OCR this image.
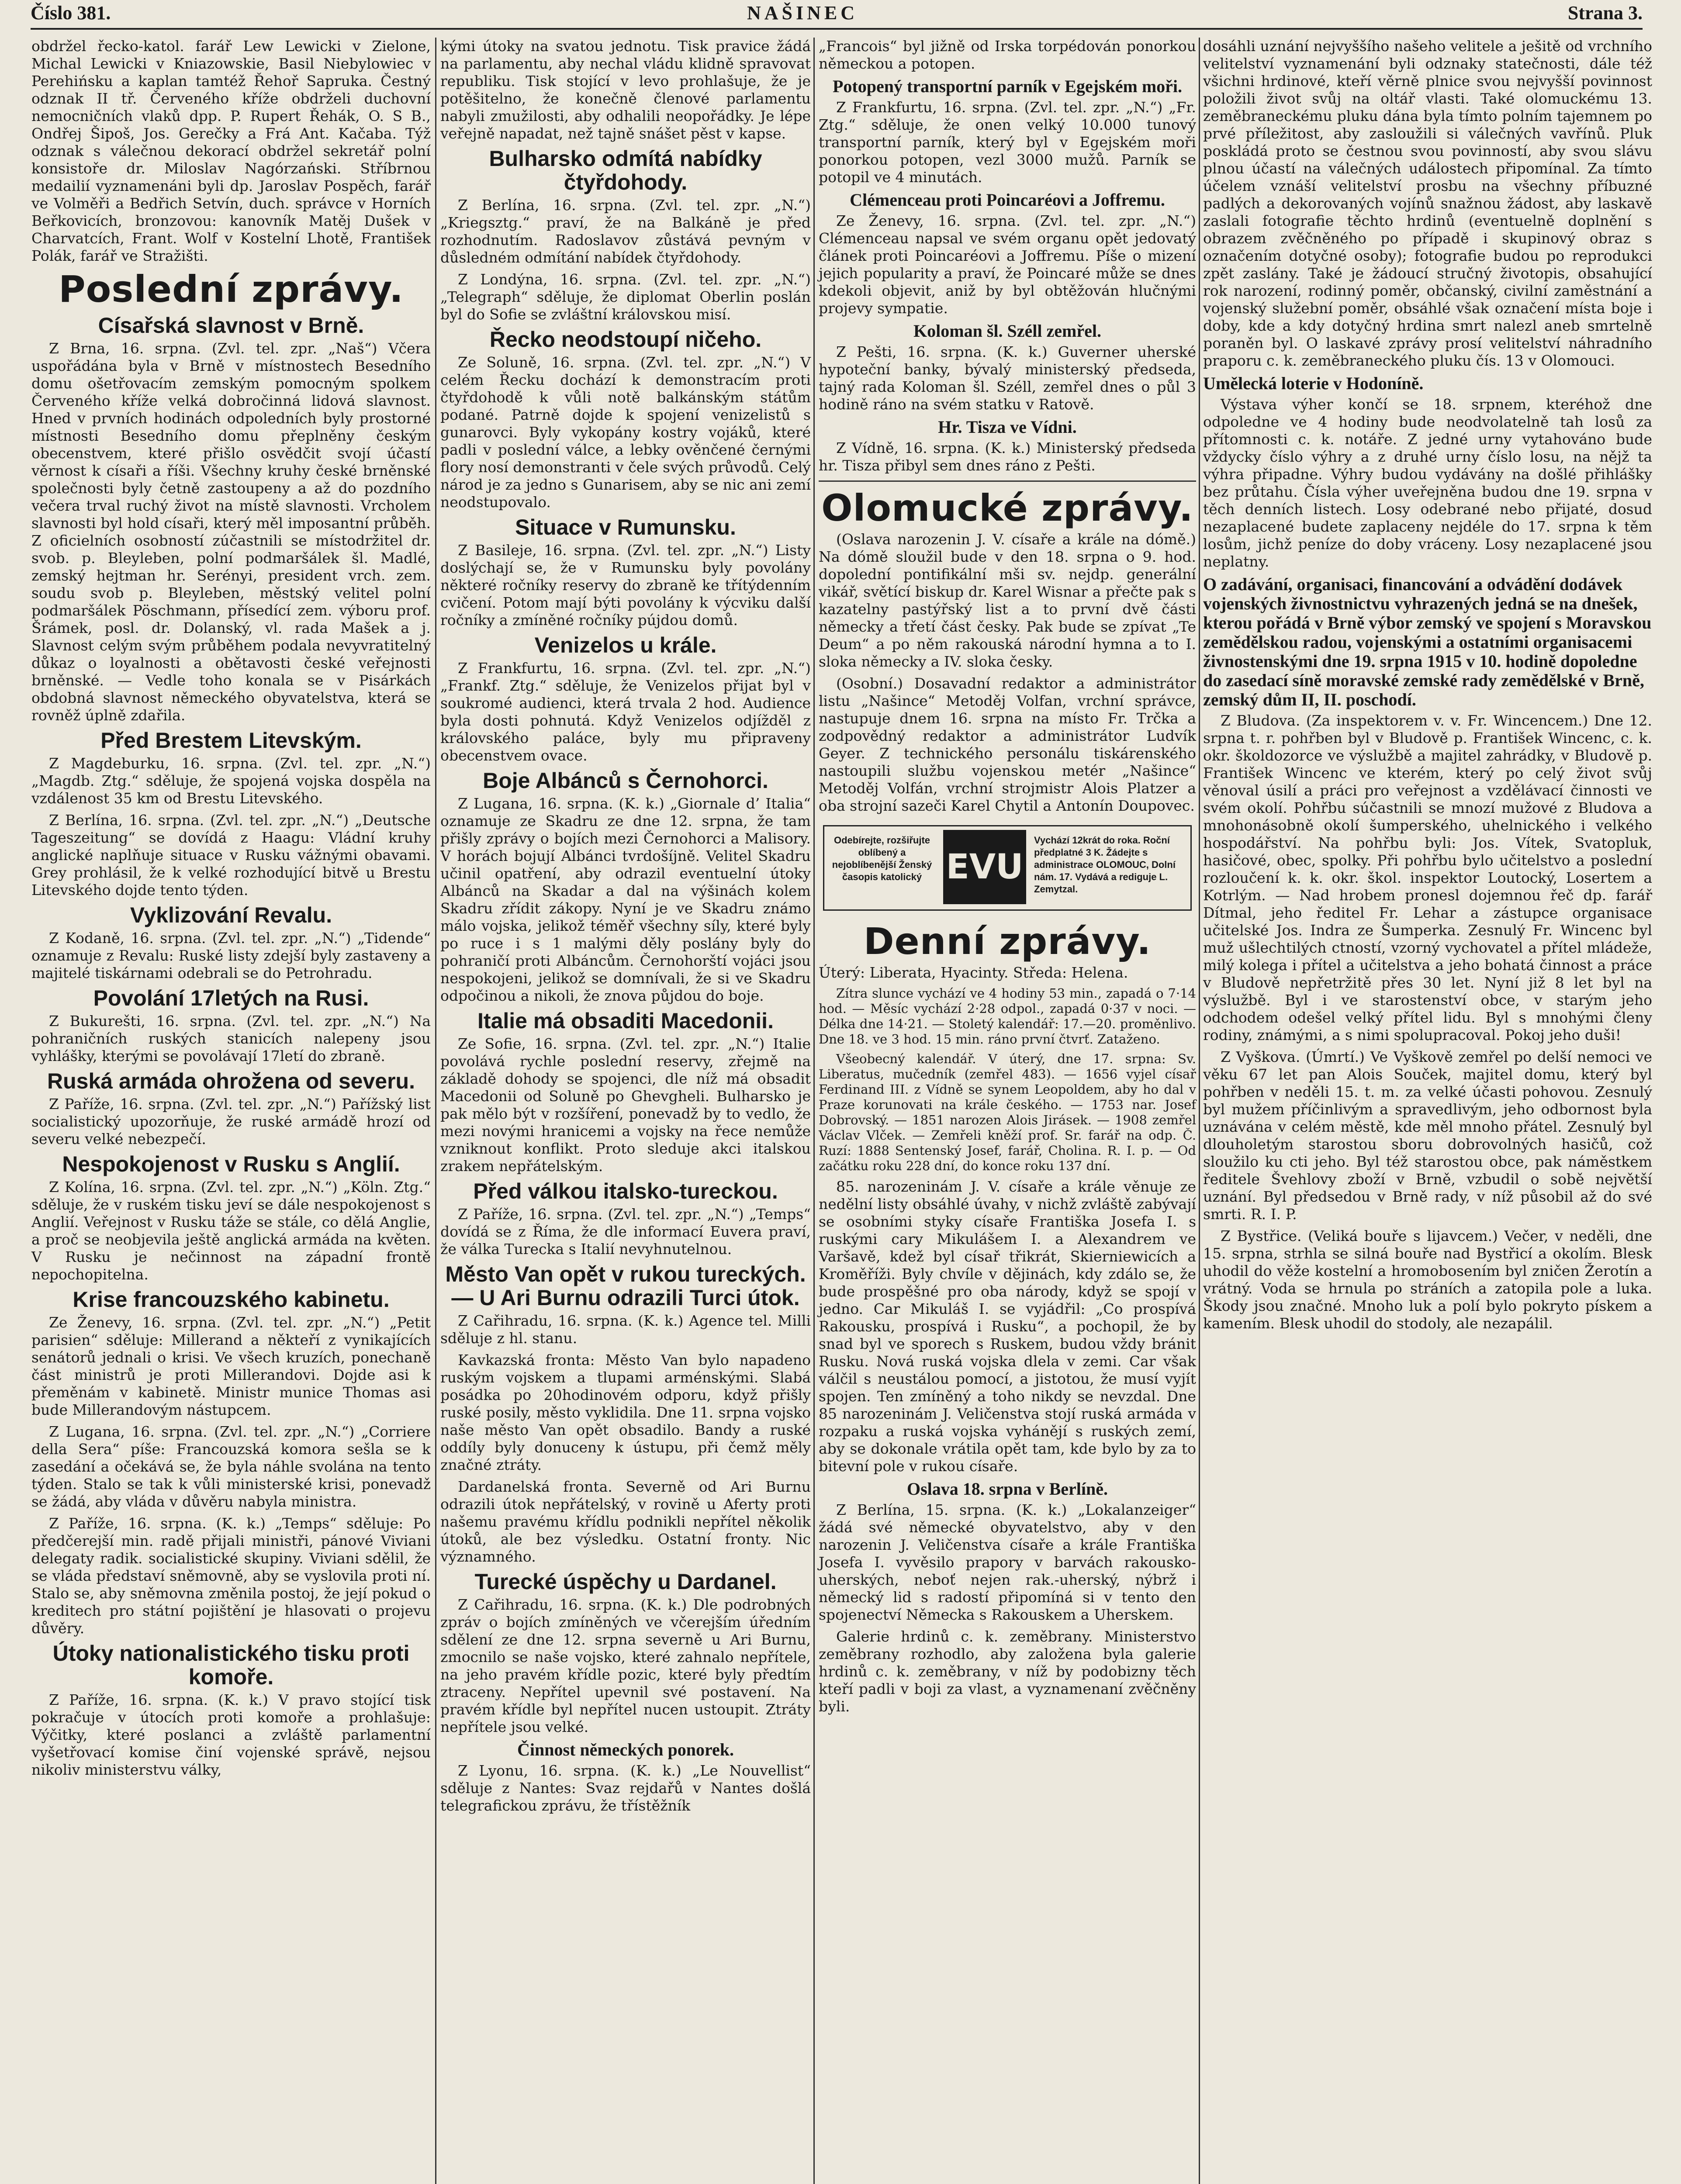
Číslo 381.	NAŠINEC	Strana 3.

obdržel řecko-katol. farář Lew Lewicki v Zielone, Michal Lewicki v Kniazowskie, Basil Niebylowiec v Perehińsku a kaplan tamtéž Řehoř Sapruka. Čestný odznak II tř. Červeného kříže obdrželi duchovní nemocničních vlaků dpp. P. Rupert Řehák, O. S B., Ondřej Šipoš, Jos. Gerečky a Frá Ant. Kačaba. Týž odznak s válečnou dekorací obdržel sekretář polní konsistoře dr. Miloslav Nagórzański. Stříbrnou medailií vyznamenáni byli dp. Jaroslav Pospěch, farář ve Volměři a Bedřich Setvín, duch. správce v Horních Beřkovicích, bronzovou: kanovník Matěj Dušek v Charvatcích, Frant. Wolf v Kostelní Lhotě, František Polák, farář ve Stražišti.

Poslední zprávy.
Císařská slavnost v Brně.

Z Brna, 16. srpna. (Zvl. tel. zpr. „Naš“) Včera uspořádána byla v Brně v místnostech Besedního domu ošetřovacím zemským pomocným spolkem Červeného kříže velká dobročinná lidová slavnost. Hned v prvních hodinách odpoledních byly prostorné místnosti Besedního domu přeplněny českým obecenstvem, které přišlo osvědčit svojí účastí věrnost k císaři a říši. Všechny kruhy české brněnské společnosti byly četně zastoupeny a až do pozdního večera trval ruchý život na místě slavnosti. Vrcholem slavnosti byl hold císaři, který měl imposantní průběh. Z oficielních osobností zúčastnili se místodržitel dr. svob. p. Bleyleben, polní podmaršálek šl. Madlé, zemský hejtman hr. Serényi, president vrch. zem. soudu svob p. Bleyleben, městský velitel polní podmaršálek Pöschmann, přísedící zem. výboru prof. Šrámek, posl. dr. Dolanský, vl. rada Mašek a j. Slavnost celým svým průběhem podala nevyvratitelný důkaz o loyalnosti a obětavosti české veřejnosti brněnské. — Vedle toho konala se v Pisárkách obdobná slavnost německého obyvatelstva, která se rovněž úplně zdařila.

Před Brestem Litevským.

Z Magdeburku, 16. srpna. (Zvl. tel. zpr. „N.“) „Magdb. Ztg.“ sděluje, že spojená vojska dospěla na vzdálenost 35 km od Brestu Litevského.

Z Berlína, 16. srpna. (Zvl. tel. zpr. „N.“) „Deutsche Tageszeitung“ se dovídá z Haagu: Vládní kruhy anglické naplňuje situace v Rusku vážnými obavami. Grey prohlásil, že k velké rozhodující bitvě u Brestu Litevského dojde tento týden.

Vyklizování Revalu.

Z Kodaně, 16. srpna. (Zvl. tel. zpr. „N.“) „Tidende“ oznamuje z Revalu: Ruské listy zdejší byly zastaveny a majitelé tiskárnami odebrali se do Petrohradu.

Povolání 17letých na Rusi.

Z Bukurešti, 16. srpna. (Zvl. tel. zpr. „N.“) Na pohraničních ruských stanicích nalepeny jsou vyhlášky, kterými se povolávají 17letí do zbraně.

Ruská armáda ohrožena od severu.

Z Paříže, 16. srpna. (Zvl. tel. zpr. „N.“) Pařížský list socialistický upozorňuje, že ruské armádě hrozí od severu velké nebezpečí.

Nespokojenost v Rusku s Anglií.

Z Kolína, 16. srpna. (Zvl. tel. zpr. „N.“) „Köln. Ztg.“ sděluje, že v ruském tisku jeví se dále nespokojenost s Anglií. Veřejnost v Rusku táže se stále, co dělá Anglie, a proč se neobjevila ještě anglická armáda na květen. V Rusku je nečinnost na západní frontě nepochopitelna.

Krise francouzského kabinetu.

Ze Ženevy, 16. srpna. (Zvl. tel. zpr. „N.“) „Petit parisien“ sděluje: Millerand a někteří z vynikajících senátorů jednali o krisi. Ve všech kruzích, ponechaně část ministrů je proti Millerandovi. Dojde asi k přeměnám v kabinetě. Ministr munice Thomas asi bude Millerandovým nástupcem.

Z Lugana, 16. srpna. (Zvl. tel. zpr. „N.“) „Corriere della Sera“ píše: Francouzská komora sešla se k zasedání a očekává se, že byla náhle svolána na tento týden. Stalo se tak k vůli ministerské krisi, ponevadž se žádá, aby vláda v důvěru nabyla ministra.

Z Paříže, 16. srpna. (K. k.) „Temps“ sděluje: Po předčerejší min. radě přijali ministři, pánové Viviani delegaty radik. socialistické skupiny. Viviani sdělil, že se vláda představí sněmovně, aby se vyslovila proti ní. Stalo se, aby sněmovna změnila postoj, že její pokud o kreditech pro státní pojištění je hlasovati o projevu důvěry.

Útoky nationalistického tisku proti komoře.

Z Paříže, 16. srpna. (K. k.) V pravo stojící tisk pokračuje v útocích proti komoře a prohlašuje: Výčitky, které poslanci a zvláště parlamentní vyšetřovací komise činí vojenské správě, nejsou nikoliv ministerstvu války,

kými útoky na svatou jednotu. Tisk pravice žádá na parlamentu, aby nechal vládu klidně spravovat republiku. Tisk stojící v levo prohlašuje, že je potěšitelno, že konečně členové parlamentu nabyli zmužilosti, aby odhalili neopořádky. Je lépe veřejně napadat, než tajně snášet pěst v kapse.

Bulharsko odmítá nabídky čtyřdohody.

Z Berlína, 16. srpna. (Zvl. tel. zpr. „N.“) „Kriegsztg.“ praví, že na Balkáně je před rozhodnutím. Radoslavov zůstává pevným v důsledném odmítání nabídek čtyřdohody.

Z Londýna, 16. srpna. (Zvl. tel. zpr. „N.“) „Telegraph“ sděluje, že diplomat Oberlin poslán byl do Sofie se zvláštní královskou misí.

Řecko neodstoupí ničeho.

Ze Soluně, 16. srpna. (Zvl. tel. zpr. „N.“) V celém Řecku dochází k demonstracím proti čtyřdohodě k vůli notě balkánským státům podané. Patrně dojde k spojení venizelistů s gunarovci. Byly vykopány kostry vojáků, které padli v poslední válce, a lebky ověnčené černými flory nosí demonstranti v čele svých průvodů. Celý národ je za jedno s Gunarisem, aby se nic ani zemí neodstupovalo.

Situace v Rumunsku.

Z Basileje, 16. srpna. (Zvl. tel. zpr. „N.“) Listy doslýchají se, že v Rumunsku byly povolány některé ročníky reservy do zbraně ke třítýdenním cvičení. Potom mají býti povolány k výcviku další ročníky a zmíněné ročníky pújdou domů.

Venizelos u krále.

Z Frankfurtu, 16. srpna. (Zvl. tel. zpr. „N.“) „Frankf. Ztg.“ sděluje, že Venizelos přijat byl v soukromé audienci, která trvala 2 hod. Audience byla dosti pohnutá. Když Venizelos odjížděl z královského paláce, byly mu připraveny obecenstvem ovace.

Boje Albánců s Černohorci.

Z Lugana, 16. srpna. (K. k.) „Giornale d’ Italia“ oznamuje ze Skadru ze dne 12. srpna, že tam přišly zprávy o bojích mezi Černohorci a Malisory. V horách bojují Albánci tvrdošíjně. Velitel Skadru učinil opatření, aby odrazil eventuelní útoky Albánců na Skadar a dal na výšinách kolem Skadru zřídit zákopy. Nyní je ve Skadru známo málo vojska, jelikož téměř všechny síly, které byly po ruce i s 1 malými děly poslány byly do pohraničí proti Albáncům. Černohorští vojáci jsou nespokojeni, jelikož se domnívali, že si ve Skadru odpočinou a nikoli, že znova půjdou do boje.

Italie má obsaditi Macedonii.

Ze Sofie, 16. srpna. (Zvl. tel. zpr. „N.“) Italie povolává rychle poslední reservy, zřejmě na základě dohody se spojenci, dle níž má obsadit Macedonii od Soluně po Ghevgheli. Bulharsko je pak mělo být v rozšíření, ponevadž by to vedlo, že mezi novými hranicemi a vojsky na řece nemůže vzniknout konflikt. Proto sleduje akci italskou zrakem nepřátelským.

Před válkou italsko-tureckou.

Z Paříže, 16. srpna. (Zvl. tel. zpr. „N.“) „Temps“ dovídá se z Říma, že dle informací Euvera praví, že válka Turecka s Italií nevyhnutelnou.

Město Van opět v rukou tureckých. — U Ari Burnu odrazili Turci útok.

Z Cařihradu, 16. srpna. (K. k.) Agence tel. Milli sděluje z hl. stanu.

Kavkazská fronta: Město Van bylo napadeno ruským vojskem a tlupami arménskými. Slabá posádka po 20hodinovém odporu, když přišly ruské posily, město vyklidila. Dne 11. srpna vojsko naše město Van opět obsadilo. Bandy a ruské oddíly byly donuceny k ústupu, při čemž měly značné ztráty.

Dardanelská fronta. Severně od Ari Burnu odrazili útok nepřátelský, v rovině u Aferty proti našemu pravému křídlu podnikli nepřítel několik útoků, ale bez výsledku. Ostatní fronty. Nic významného.

Turecké úspěchy u Dardanel.

Z Cařihradu, 16. srpna. (K. k.) Dle podrobných zpráv o bojích zmíněných ve včerejším úředním sdělení ze dne 12. srpna severně u Ari Burnu, zmocnilo se naše vojsko, které zahnalo nepřítele, na jeho pravém křídle pozic, které byly předtím ztraceny. Nepřítel upevnil své postavení. Na pravém křídle byl nepřítel nucen ustoupit. Ztráty nepřítele jsou velké.

Činnost německých ponorek.

Z Lyonu, 16. srpna. (K. k.) „Le Nouvellist“ sděluje z Nantes: Svaz rejdařů v Nantes došlá telegrafickou zprávu, že třístěžník

„Francois“ byl jižně od Irska torpédován ponorkou německou a potopen.

Potopený transportní parník v Egejském moři.

Z Frankfurtu, 16. srpna. (Zvl. tel. zpr. „N.“) „Fr. Ztg.“ sděluje, že onen velký 10.000 tunový transportní parník, který byl v Egejském moři ponorkou potopen, vezl 3000 mužů. Parník se potopil ve 4 minutách.

Clémenceau proti Poincaréovi a Joffremu.

Ze Ženevy, 16. srpna. (Zvl. tel. zpr. „N.“) Clémenceau napsal ve svém organu opět jedovatý článek proti Poincaréovi a Joffremu. Píše o mizení jejich popularity a praví, že Poincaré může se dnes kdekoli objevit, aniž by byl obtěžován hlučnými projevy sympatie.

Koloman šl. Széll zemřel.

Z Pešti, 16. srpna. (K. k.) Guverner uherské hypoteční banky, bývalý ministerský předseda, tajný rada Koloman šl. Széll, zemřel dnes o půl 3 hodině ráno na svém statku v Ratově.

Hr. Tisza ve Vídni.

Z Vídně, 16. srpna. (K. k.) Ministerský předseda hr. Tisza přibyl sem dnes ráno z Pešti.

Olomucké zprávy.

(Oslava narozenin J. V. císaře a krále na dómě.) Na dómě sloužil bude v den 18. srpna o 9. hod. dopolední pontifikální mši sv. nejdp. generální vikář, světící biskup dr. Karel Wisnar a přečte pak s kazatelny pastýřský list a to první dvě části německy a třetí část česky. Pak bude se zpívat „Te Deum“ a po něm rakouská národní hymna a to I. sloka německy a IV. sloka česky.

(Osobní.) Dosavadní redaktor a administrátor listu „Našince“ Metoděj Volfan, vrchní správce, nastupuje dnem 16. srpna na místo Fr. Trčka a zodpovědný redaktor a administrátor Ludvík Geyer. Z technického personálu tiskárenského nastoupili službu vojenskou metér „Našince“ Metoděj Volfán, vrchní strojmistr Alois Platzer a oba strojní sazeči Karel Chytil a Antonín Doupovec.

Odebírejte, rozšiřujte oblíbený a nejoblíbenější Ženský časopis katolický EVU
Vychází 12krát do roka. Roční předplatné 3 K. Žádejte s administrace OLOMOUC, Dolní nám. 17. Vydává a rediguje L. Zemytzal.
Denní zprávy.

Úterý: Liberata, Hyacinty. Středa: Helena.

Zítra slunce vychází ve 4 hodiny 53 min., zapadá o 7·14 hod. — Měsíc vychází 2·28 odpol., zapadá 0·37 v noci. — Délka dne 14·21. — Stoletý kalendář: 17.—20. proměnlivo. Dne 18. ve 3 hod. 15 min. ráno první čtvrť. Zataženo.

Všeobecný kalendář. V úterý, dne 17. srpna: Sv. Liberatus, mučedník (zemřel 483). — 1656 vyjel císař Ferdinand III. z Vídně se synem Leopoldem, aby ho dal v Praze korunovati na krále českého. — 1753 nar. Josef Dobrovský. — 1851 narozen Alois Jirásek. — 1908 zemřel Václav Vlček. — Zemřeli kněží prof. Sr. farář na odp. Č. Ruzí: 1888 Sentenský Josef, farář, Cholina. R. I. p. — Od začátku roku 228 dní, do konce roku 137 dní.

85. narozeninám J. V. císaře a krále věnuje ze nedělní listy obsáhlé úvahy, v nichž zvláště zabývají se osobními styky císaře Františka Josefa I. s ruskými cary Mikulášem I. a Alexandrem ve Varšavě, kdež byl císař třikrát, Skierniewicích a Kroměříži. Byly chvíle v dějinách, kdy zdálo se, že bude prospěšné pro oba národy, když se spojí v jedno. Car Mikuláš I. se vyjádřil: „Co prospívá Rakousku, prospívá i Rusku“, a pochopil, že by snad byl ve sporech s Ruskem, budou vždy bránit Rusku. Nová ruská vojska dlela v zemi. Car však válčil s neustálou pomocí, a jistotou, že musí vyjít spojen. Ten zmíněný a toho nikdy se nevzdal. Dne 85 narozeninám J. Veličenstva stojí ruská armáda v rozpaku a ruská vojska vyhánějí s ruských zemí, aby se dokonale vrátila opět tam, kde bylo by za to bitevní pole v rukou císaře.

Oslava 18. srpna v Berlíně.

Z Berlína, 15. srpna. (K. k.) „Lokalanzeiger“ žádá své německé obyvatelstvo, aby v den narozenin J. Veličenstva císaře a krále Františka Josefa I. vyvěsilo prapory v barvách rakousko-uherských, neboť nejen rak.-uherský, nýbrž i německý lid s radostí připomíná si v tento den spojenectví Německa s Rakouskem a Uherskem.

Galerie hrdinů c. k. zeměbrany. Ministerstvo zeměbrany rozhodlo, aby založena byla galerie hrdinů c. k. zeměbrany, v níž by podobizny těch kteří padli v boji za vlast, a vyznamenaní zvěčněny byli.

dosáhli uznání nejvyššího našeho velitele a ješitě od vrchního velitelství vyznamenání byli odznaky statečnosti, dále též všichni hrdinové, kteří věrně plnice svou nejvyšší povinnost položili život svůj na oltář vlasti. Také olomuckému 13. zeměbraneckému pluku dána byla tímto polním tajemnem po prvé příležitost, aby zasloužili si válečných vavřínů. Pluk poskládá proto se čestnou svou povinností, aby svou slávu plnou účastí na válečných událostech připomínal. Za tímto účelem vznáší velitelství prosbu na všechny příbuzné padlých a dekorovaných vojínů snažnou žádost, aby laskavě zaslali fotografie těchto hrdinů (eventuelně doplnění s obrazem zvěčněného po případě i skupinový obraz s označením dotyčné osoby); fotografie budou po reprodukci zpět zaslány. Také je žádoucí stručný životopis, obsahující rok narození, rodinný poměr, občanský, civilní zaměstnání a vojenský služební poměr, obsáhlé však označení místa boje i doby, kde a kdy dotyčný hrdina smrt nalezl aneb smrtelně poraněn byl. O laskavé zprávy prosí velitelství náhradního praporu c. k. zeměbraneckého pluku čís. 13 v Olomouci.

Umělecká loterie v Hodoníně.

Výstava výher končí se 18. srpnem, kteréhož dne odpoledne ve 4 hodiny bude neodvolatelně tah losů za přítomnosti c. k. notáře. Z jedné urny vytahováno bude vždycky číslo výhry a z druhé urny číslo losu, na nějž ta výhra připadne. Výhry budou vydávány na došlé přihlášky bez průtahu. Čísla výher uveřejněna budou dne 19. srpna v těch denních listech. Losy odebrané nebo přijaté, dosud nezaplacené budete zaplaceny nejdéle do 17. srpna k těm losům, jichž peníze do doby vráceny. Losy nezaplacené jsou neplatny.

O zadávání, organisaci, financování a odvádění dodávek vojenských živnostnictvu vyhrazených jedná se na dnešek, kterou pořádá v Brně výbor zemský ve spojení s Moravskou zemědělskou radou, vojenskými a ostatními organisacemi živnostenskými dne 19. srpna 1915 v 10. hodině dopoledne do zasedací síně moravské zemské rady zemědělské v Brně, zemský dům II, II. poschodí.

Z Bludova. (Za inspektorem v. v. Fr. Wincencem.) Dne 12. srpna t. r. pohřben byl v Bludově p. František Wincenc, c. k. okr. školdozorce ve výslužbě a majitel zahrádky, v Bludově p. František Wincenc ve kterém, který po celý život svůj věnoval úsilí a práci pro veřejnost a vzdělávací činnosti ve svém okolí. Pohřbu súčastnili se mnozí mužové z Bludova a mnohonásobně okolí šumperského, uhelnického i velkého hospodářství. Na pohřbu byli: Jos. Vítek, Svatopluk, hasičové, obec, spolky. Při pohřbu bylo učitelstvo a poslední rozloučení k. k. okr. škol. inspektor Loutocký, Losertem a Kotrlým. — Nad hrobem pronesl dojemnou řeč dp. farář Dítmal, jeho ředitel Fr. Lehar a zástupce organisace učitelské Jos. Indra ze Šumperka. Zesnulý Fr. Wincenc byl muž ušlechtilých ctností, vzorný vychovatel a přítel mládeže, milý kolega i přítel a učitelstva a jeho bohatá činnost a práce v Bludově nepřetržitě přes 30 let. Nyní již 8 let byl na výslužbě. Byl i ve starostenství obce, v starým jeho odchodem odešel velký přítel lidu. Byl s mnohými členy rodiny, známými, a s nimi spolupracoval. Pokoj jeho duši!

Z Vyškova. (Úmrtí.) Ve Vyškově zemřel po delší nemoci ve věku 67 let pan Alois Souček, majitel domu, který byl pohřben v neděli 15. t. m. za velké účasti pohovou. Zesnulý byl mužem příčinlivým a spravedlivým, jeho odbornost byla uznávána v celém městě, kde měl mnoho přátel. Zesnulý byl dlouholetým starostou sboru dobrovolných hasičů, což sloužilo ku cti jeho. Byl též starostou obce, pak náměstkem ředitele Švehlovy zboží v Brně, vzbudil o sobě největší uznání. Byl předsedou v Brně rady, v níž působil až do své smrti. R. I. P.

Z Bystřice. (Veliká bouře s lijavcem.) Večer, v neděli, dne 15. srpna, strhla se silná bouře nad Bystřicí a okolím. Blesk uhodil do věže kostelní a hromobosením byl zničen Žerotín a vrátný. Voda se hrnula po stráních a zatopila pole a luka. Škody jsou značné. Mnoho luk a polí bylo pokryto pískem a kamením. Blesk uhodil do stodoly, ale nezapálil.
